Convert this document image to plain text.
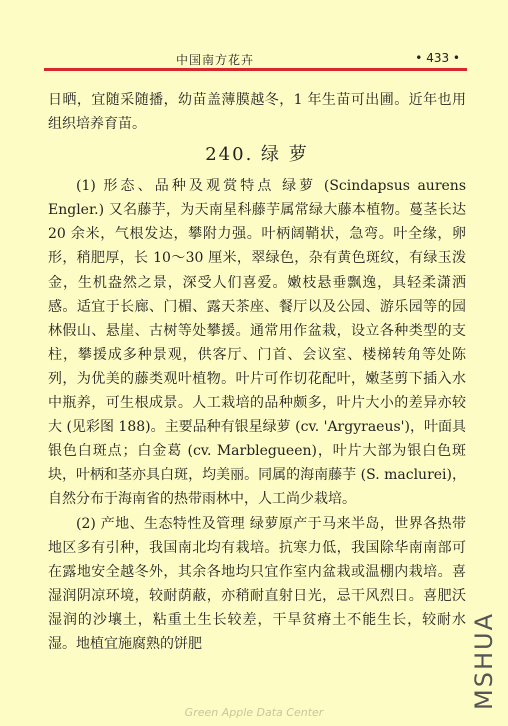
中国南方花卉	• 433 •

日晒，宜随采随播，幼苗盖薄膜越冬，1 年生苗可出圃。近年也用组织培养育苗。

240. 绿 萝

(1) 形态、品种及观赏特点 绿萝 (Scindapsus aurens Engler.) 又名藤芋，为天南星科藤芋属常绿大藤本植物。蔓茎长达 20 余米，气根发达，攀附力强。叶柄阔鞘状，急弯。叶全缘，卵形，稍肥厚，长 10～30 厘米，翠绿色，杂有黄色斑纹，有绿玉泼金，生机盎然之景，深受人们喜爱。嫩枝悬垂飘逸，具轻柔潇洒感。适宜于长廊、门楣、露天茶座、餐厅以及公园、游乐园等的园林假山、悬崖、古树等处攀援。通常用作盆栽，设立各种类型的支柱，攀援成多种景观，供客厅、门首、会议室、楼梯转角等处陈列，为优美的藤类观叶植物。叶片可作切花配叶，嫩茎剪下插入水中瓶养，可生根成景。人工栽培的品种颇多，叶片大小的差异亦较大 (见彩图 188)。主要品种有银星绿萝 (cv. 'Argyraeus')，叶面具银色白斑点；白金葛 (cv. Marblegueen)，叶片大部为银白色斑块，叶柄和茎亦具白斑，均美丽。同属的海南藤芋 (S. maclurei)，自然分布于海南省的热带雨林中，人工尚少栽培。

(2) 产地、生态特性及管理 绿萝原产于马来半岛，世界各热带地区多有引种，我国南北均有栽培。抗寒力低，我国除华南南部可在露地安全越冬外，其余各地均只宜作室内盆栽或温棚内栽培。喜湿润阴凉环境，较耐荫蔽，亦稍耐直射日光，忌干风烈日。喜肥沃湿润的沙壤土，粘重土生长较差，干旱贫瘠土不能生长，较耐水湿。地植宜施腐熟的饼肥	MSHUA
Green Apple Data Center
